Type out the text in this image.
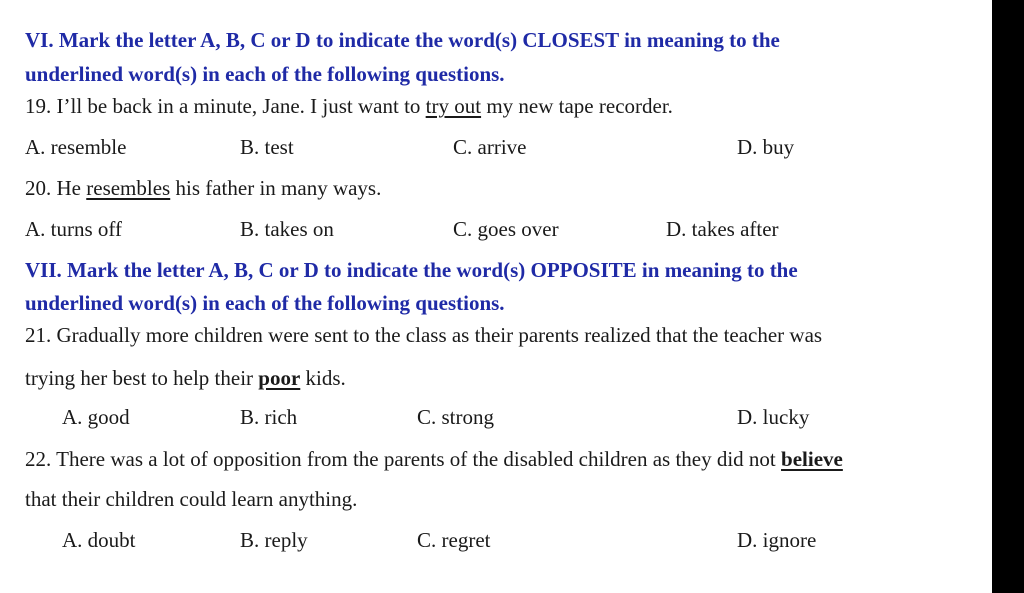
VI. Mark the letter A, B, C or D to indicate the word(s) CLOSEST in meaning to the
underlined word(s) in each of the following questions.
19. I’ll be back in a minute, Jane. I just want to try out my new tape recorder.
A. resemble	B. test	C. arrive	D. buy
20. He resembles his father in many ways.
A. turns off	B. takes on	C. goes over	D. takes after
VII. Mark the letter A, B, C or D to indicate the word(s) OPPOSITE in meaning to the
underlined word(s) in each of the following questions.
21. Gradually more children were sent to the class as their parents realized that the teacher was
trying her best to help their poor kids.
A. good	B. rich	C. strong	D. lucky
22. There was a lot of opposition from the parents of the disabled children as they did not believe
that their children could learn anything.
A. doubt	B. reply	C. regret	D. ignore
